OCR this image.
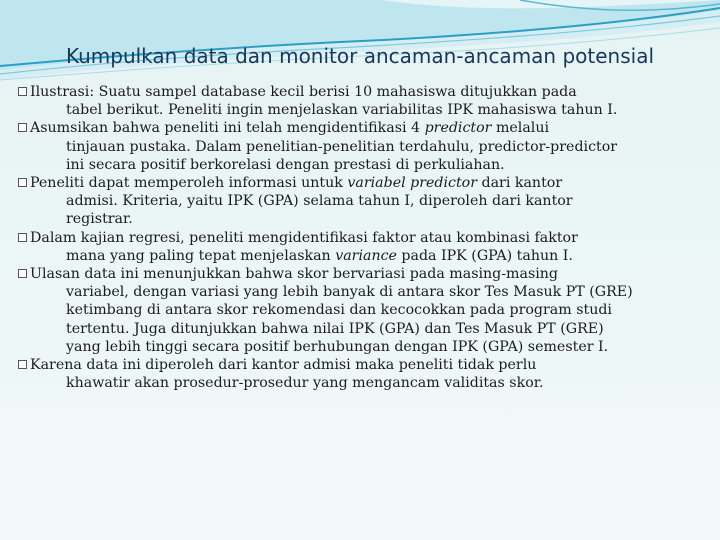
Kumpulkan data dan monitor ancaman-ancaman potensial
Ilustrasi: Suatu sampel database kecil berisi 10 mahasiswa ditujukkan pada
tabel berikut. Peneliti ingin menjelaskan variabilitas IPK mahasiswa tahun I.
Asumsikan bahwa peneliti ini telah mengidentifikasi 4 predictor melalui
tinjauan pustaka. Dalam penelitian-penelitian terdahulu, predictor-predictor
ini secara positif berkorelasi dengan prestasi di perkuliahan.
Peneliti dapat memperoleh informasi untuk variabel predictor dari kantor
admisi. Kriteria, yaitu IPK (GPA) selama tahun I, diperoleh dari kantor
registrar.
Dalam kajian regresi, peneliti mengidentifikasi faktor atau kombinasi faktor
mana yang paling tepat menjelaskan variance pada IPK (GPA) tahun I.
Ulasan data ini menunjukkan bahwa skor bervariasi pada masing-masing
variabel, dengan variasi yang lebih banyak di antara skor Tes Masuk PT (GRE)
ketimbang di antara skor rekomendasi dan kecocokkan pada program studi
tertentu. Juga ditunjukkan bahwa nilai IPK (GPA) dan Tes Masuk PT (GRE)
yang lebih tinggi secara positif berhubungan dengan IPK (GPA) semester I.
Karena data ini diperoleh dari kantor admisi maka peneliti tidak perlu
khawatir akan prosedur-prosedur yang mengancam validitas skor.
